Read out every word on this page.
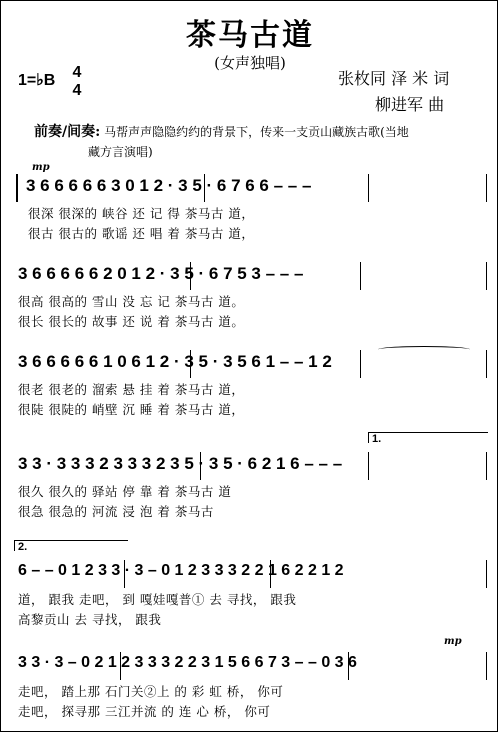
茶马古道
(女声独唱)
1=♭B 4
4
张枚同 泽 米 词
柳进军 曲
前奏/间奏: 马帮声声隐隐约约的背景下，传来一支贡山藏族古歌(当地
藏方言演唱)
mp
3 6 6 6 6 6 3 0 1 2 · 3 5 · 6 7 6 6 – – –
很深 很深的 峡谷 还 记 得 茶马古 道，
很古 很古的 歌谣 还 唱 着 茶马古 道，
3 6 6 6 6 6 2 0 1 2 · 3 5 · 6 7 5 3 – – –
很高 很高的 雪山 没 忘 记 茶马古 道。
很长 很长的 故事 还 说 着 茶马古 道。
3 6 6 6 6 6 1 0 6 1 2 · 3 5 · 3 5 6 1 – – 1 2
很老 很老的 溜索 悬 挂 着 茶马古 道，
很陡 很陡的 峭壁 沉 睡 着 茶马古 道，
1.
3 3 · 3 3 3 2 3 3 3 2 3 5 · 3 5 · 6 2 1 6 – – –
很久 很久的 驿站 停 靠 着 茶马古 道
很急 很急的 河流 浸 泡 着 茶马古
2.
6 – – 0 1 2 3 3 · 3 – 0 1 2 3 3 3 2 2 1 6 2 2 1 2
道， 跟我 走吧， 到 嘎娃嘎普① 去 寻找， 跟我
高黎贡山 去 寻找， 跟我
mp
3 3 · 3 – 0 2 1 2 3 3 3 2 2 3 1 5 6 6 7 3 – – 0 3 6
走吧， 踏上那 石门关②上 的 彩 虹 桥， 你可
走吧， 探寻那 三江并流 的 连 心 桥， 你可
